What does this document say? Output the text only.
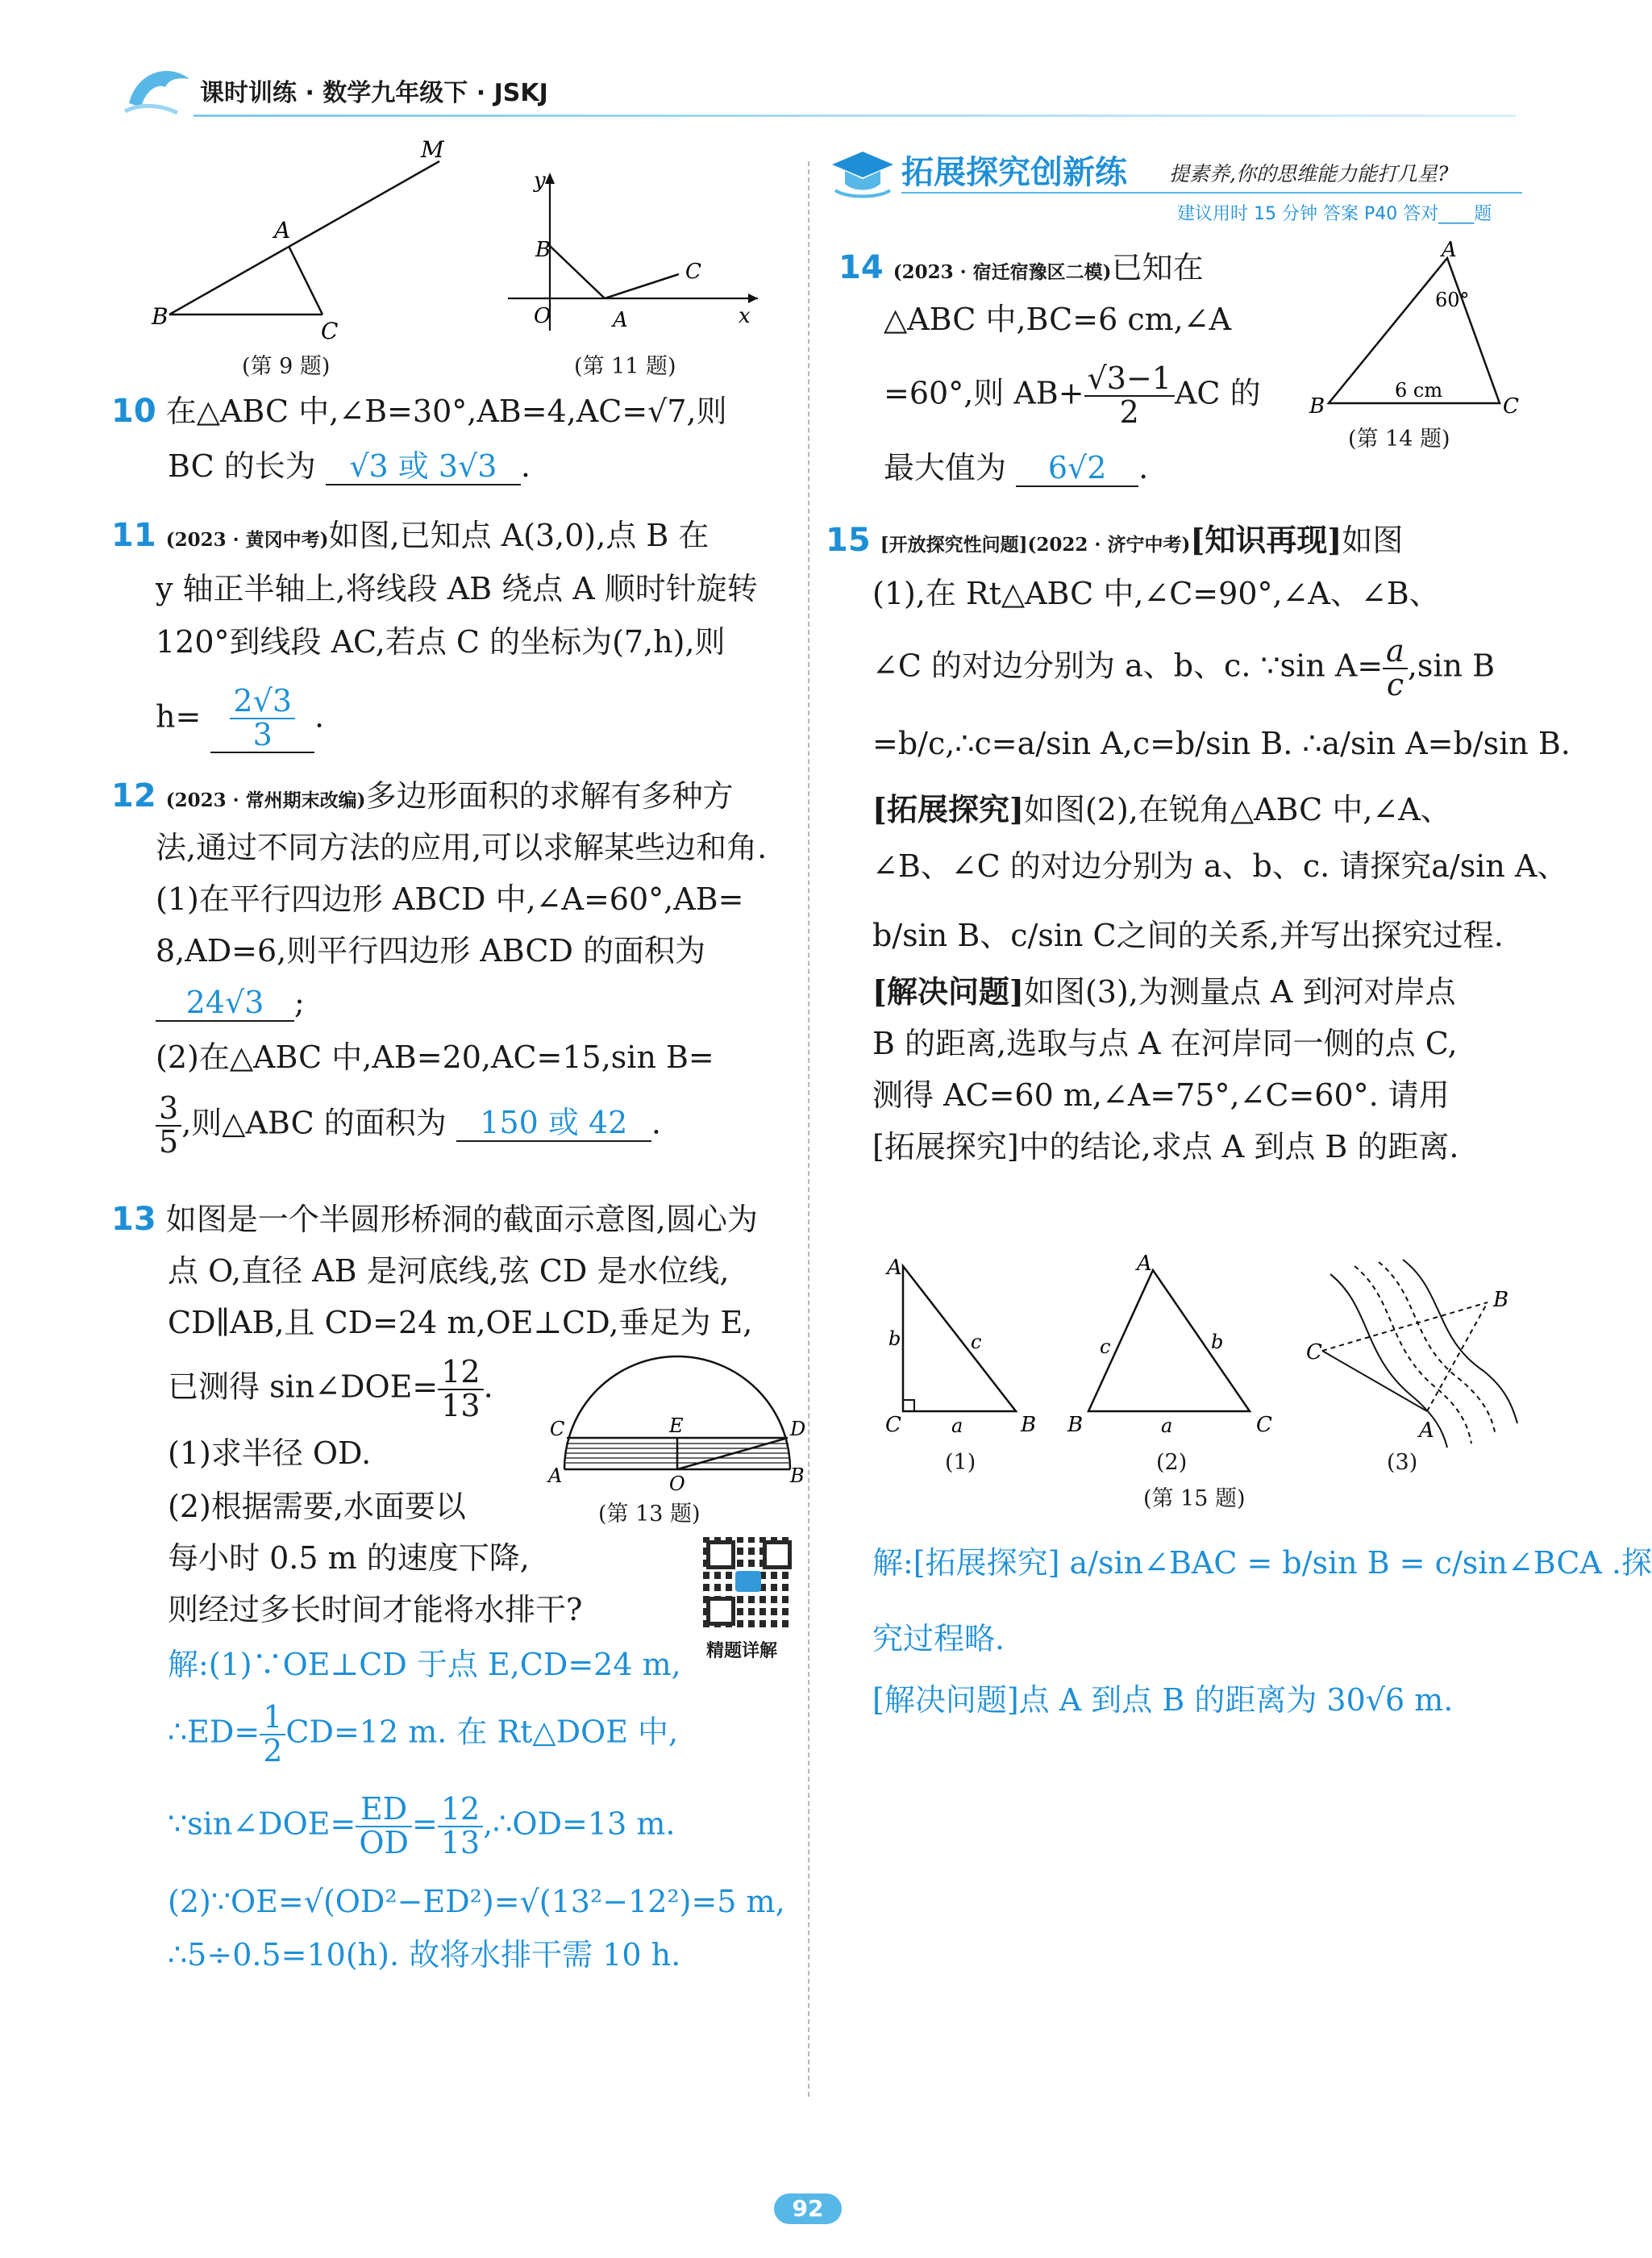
课时训练 · 数学九年级下 · JSKJ
B
A
C
M
(第 9 题)
y
B
O	A
C
x
(第 11 题)
10 在△ABC 中,∠B=30°,AB=4,AC=√7,则
BC 的长为 √3 或 3√3 .
11 (2023 · 黄冈中考)如图,已知点 A(3,0),点 B 在
y 轴正半轴上,将线段 AB 绕点 A 顺时针旋转
120°到线段 AC,若点 C 的坐标为(7,h),则
$h= \frac{2√3}{3}$ .
12 (2023 · 常州期末改编)多边形面积的求解有多种方
法,通过不同方法的应用,可以求解某些边和角.
(1)在平行四边形 ABCD 中,∠A=60°,AB=
8,AD=6,则平行四边形 ABCD 的面积为
24√3 ;
(2)在△ABC 中,AB=20,AC=15,sin B=
$\frac{3}{5}$ ,则△ABC 的面积为 150 或 42 .
13 如图是一个半圆形桥洞的截面示意图,圆心为
点 O,直径 AB 是河底线,弦 CD 是水位线,
CD∥AB,且 CD=24 m,OE⊥CD,垂足为 E,
已测得 sin∠DOE= $\frac{12}{13}$ .
(1)求半径 OD.
(2)根据需要,水面要以
每小时 0.5 m 的速度下降,
则经过多长时间才能将水排干?
解:(1)∵OE⊥CD 于点 E,CD=24 m,
∴ED= $\frac{1}{2} CD=12$ m. 在 Rt△DOE 中,
∵sin∠DOE= $\frac{ED}{OD} = \frac{12}{13}$ ,∴OD=13 m.
(2)∵OE=√(OD²−ED²)=√(13²−12²)=5 m,
∴5÷0.5=10(h). 故将水排干需 10 h.
C	E	D
A	O	B
(第 13 题)
精题详解
拓展探究创新练 提素养,你的思维能力能打几星?
建议用时 15 分钟 答案 P40 答对____题
14 (2023 · 宿迁宿豫区二模)已知在
△ABC 中,BC=6 cm,∠A
=60°,则 $AB+ \frac{√3-1}{2}$ AC 的
最大值为 6√2 .
A
60°
B	C
6 cm
(第 14 题)
15 [开放探究性问题](2022 · 济宁中考)[知识再现]如图
(1),在 Rt△ABC 中,∠C=90°,∠A、∠B、
∠C 的对边分别为 a、b、c. ∵sin $A= \frac{a}{c} ,\sin$ B
=b/c,∴c=a/sin A,c=b/sin B. ∴a/sin A=b/sin B.
[拓展探究]如图(2),在锐角△ABC 中,∠A、
∠B、∠C 的对边分别为 a、b、c. 请探究a/sin A、
b/sin B、c/sin C之间的关系,并写出探究过程.
[解决问题]如图(3),为测量点 A 到河对岸点
B 的距离,选取与点 A 在河岸同一侧的点 C,
测得 AC=60 m,∠A=75°,∠C=60°. 请用
[拓展探究]中的结论,求点 A 到点 B 的距离.
A
C	B
b	c
a
(1)
A
B	C
c	b
a
(2)
C
B
A
(3)
(第 15 题)
解:[拓展探究] a/sin∠BAC = b/sin B = c/sin∠BCA .探
究过程略.
[解决问题]点 A 到点 B 的距离为 30√6 m.
92
